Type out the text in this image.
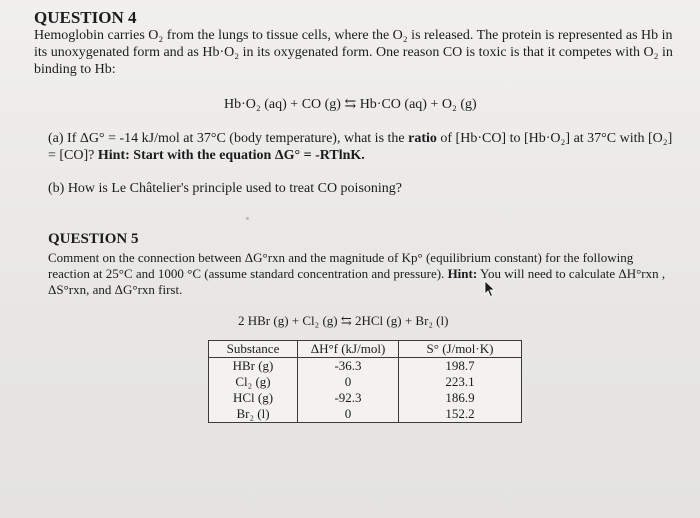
QUESTION 4
Hemoglobin carries O₂ from the lungs to tissue cells, where the O₂ is released. The protein is represented as Hb in its unoxygenated form and as Hb·O₂ in its oxygenated form. One reason CO is toxic is that it competes with O₂ in binding to Hb:
Hb·O₂ (aq) + CO (g) ⇆ Hb·CO (aq) + O₂ (g)
(a) If ΔG° = -14 kJ/mol at 37°C (body temperature), what is the ratio of [Hb·CO] to [Hb·O₂] at 37°C with [O₂] = [CO]? Hint: Start with the equation ΔG° = -RTlnK.
(b) How is Le Châtelier's principle used to treat CO poisoning?
QUESTION 5
Comment on the connection between ΔG°rxn and the magnitude of Kp° (equilibrium constant) for the following reaction at 25°C and 1000 °C (assume standard concentration and pressure). Hint: You will need to calculate ΔH°rxn , ΔS°rxn, and ΔG°rxn first.
2 HBr (g) + Cl₂ (g) ⇆ 2HCl (g) + Br₂ (l)
Substance	ΔH°f (kJ/mol)	S° (J/mol·K)
HBr (g)	-36.3	198.7
Cl₂ (g)	0	223.1
HCl (g)	-92.3	186.9
Br₂ (l)	0	152.2
